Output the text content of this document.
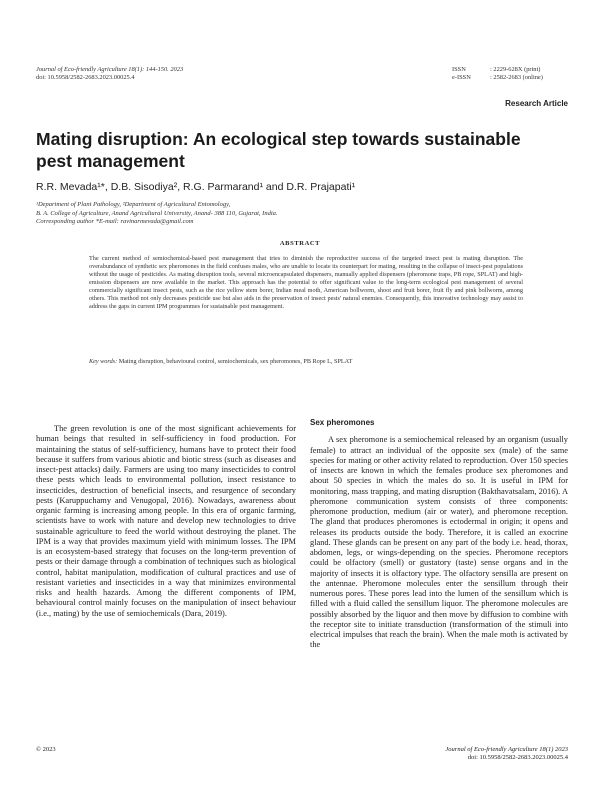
Journal of Eco-friendly Agriculture 18(1): 144-150. 2023
doi: 10.5958/2582-2683.2023.00025.4
ISSN	: 2229-628X (print)
e-ISSN	: 2582-2683 (online)
Research Article
Mating disruption: An ecological step towards sustainable pest management
R.R. Mevada¹*, D.B. Sisodiya², R.G. Parmarand¹ and D.R. Prajapati¹
¹Department of Plant Pathology, ²Department of Agricultural Entomology,
B. A. College of Agriculture, Anand Agricultural University, Anand- 388 110, Gujarat, India.
Corresponding author *E-mail: ravinarmevada@gmail.com
ABSTRACT
The current method of semiochemical-based pest management that tries to diminish the reproductive success of the targeted insect pest is mating disruption. The overabundance of synthetic sex pheromones in the field confuses males, who are unable to locate its counterpart for mating, resulting in the collapse of insect-pest populations without the usage of pesticides. As mating disruption tools, several microencapsulated dispensers, manually applied dispensers (pheromone traps, PB rope, SPLAT) and high-emission dispensers are now available in the market. This approach has the potential to offer significant value to the long-term ecological pest management of several commercially significant insect pests, such as the rice yellow stem borer, Indian meal moth, American bollworm, shoot and fruit borer, fruit fly and pink bollworm, among others. This method not only decreases pesticide use but also aids in the preservation of insect pests' natural enemies. Consequently, this innovative technology may assist to address the gaps in current IPM programmes for sustainable pest management.
Key words: Mating disruption, behavioural control, semiochemicals, sex pheromones, PB Rope L, SPLAT
The green revolution is one of the most significant achievements for human beings that resulted in self-sufficiency in food production. For maintaining the status of self-sufficiency, humans have to protect their food because it suffers from various abiotic and biotic stress (such as diseases and insect-pest attacks) daily. Farmers are using too many insecticides to control these pests which leads to environmental pollution, insect resistance to insecticides, destruction of beneficial insects, and resurgence of secondary pests (Karuppuchamy and Venugopal, 2016). Nowadays, awareness about organic farming is increasing among people. In this era of organic farming, scientists have to work with nature and develop new technologies to drive sustainable agriculture to feed the world without destroying the planet. The IPM is a way that provides maximum yield with minimum losses. The IPM is an ecosystem-based strategy that focuses on the long-term prevention of pests or their damage through a combination of techniques such as biological control, habitat manipulation, modification of cultural practices and use of resistant varieties and insecticides in a way that minimizes environmental risks and health hazards. Among the different components of IPM, behavioural control mainly focuses on the manipulation of insect behaviour (i.e., mating) by the use of semiochemicals (Dara, 2019).
Sex pheromones
A sex pheromone is a semiochemical released by an organism (usually female) to attract an individual of the opposite sex (male) of the same species for mating or other activity related to reproduction. Over 150 species of insects are known in which the females produce sex pheromones and about 50 species in which the males do so. It is useful in IPM for monitoring, mass trapping, and mating disruption (Bakthavatsalam, 2016). A pheromone communication system consists of three components: pheromone production, medium (air or water), and pheromone reception. The gland that produces pheromones is ectodermal in origin; it opens and releases its products outside the body. Therefore, it is called an exocrine gland. These glands can be present on any part of the body i.e. head, thorax, abdomen, legs, or wings-depending on the species. Pheromone receptors could be olfactory (smell) or gustatory (taste) sense organs and in the majority of insects it is olfactory type. The olfactory sensilla are present on the antennae. Pheromone molecules enter the sensillum through their numerous pores. These pores lead into the lumen of the sensillum which is filled with a fluid called the sensillum liquor. The pheromone molecules are possibly absorbed by the liquor and then move by diffusion to combine with the receptor site to initiate transduction (transformation of the stimuli into electrical impulses that reach the brain). When the male moth is activated by the
© 2023	Journal of Eco-friendly Agriculture 18(1) 2023
doi: 10.5958/2582-2683.2023.00025.4
